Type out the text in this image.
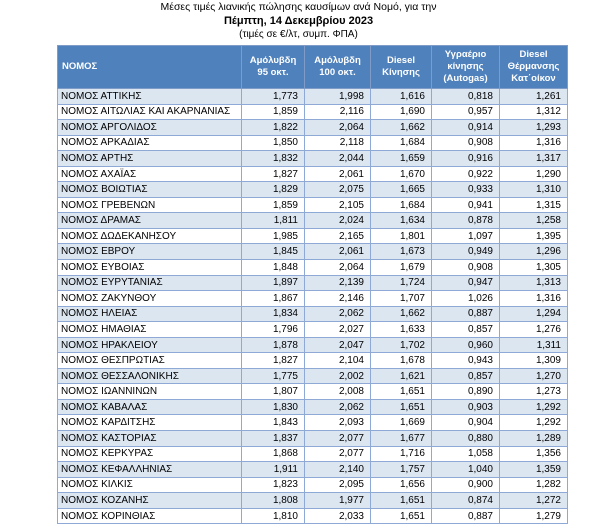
Μέσες τιμές λιανικής πώλησης καυσίμων ανά Νομό, για την
Πέμπτη, 14 Δεκεμβρίου 2023
(τιμές σε €/λτ, συμπ. ΦΠΑ)
ΝΟΜΟΣ	Αμόλυβδη 95 οκτ.	Αμόλυβδη 100 οκτ.	Diesel Κίνησης	Υγραέριο κίνησης (Autogas)	Diesel Θέρμανσης Κατ΄οίκον
ΝΟΜΟΣ ΑΤΤΙΚΗΣ	1,773	1,998	1,616	0,818	1,261
ΝΟΜΟΣ ΑΙΤΩΛΙΑΣ ΚΑΙ ΑΚΑΡΝΑΝΙΑΣ	1,859	2,116	1,690	0,957	1,312
ΝΟΜΟΣ ΑΡΓΟΛΙΔΟΣ	1,822	2,064	1,662	0,914	1,293
ΝΟΜΟΣ ΑΡΚΑΔΙΑΣ	1,850	2,118	1,684	0,908	1,316
ΝΟΜΟΣ ΑΡΤΗΣ	1,832	2,044	1,659	0,916	1,317
ΝΟΜΟΣ ΑΧΑΪΑΣ	1,827	2,061	1,670	0,922	1,290
ΝΟΜΟΣ ΒΟΙΩΤΙΑΣ	1,829	2,075	1,665	0,933	1,310
ΝΟΜΟΣ ΓΡΕΒΕΝΩΝ	1,859	2,105	1,684	0,941	1,315
ΝΟΜΟΣ ΔΡΑΜΑΣ	1,811	2,024	1,634	0,878	1,258
ΝΟΜΟΣ ΔΩΔΕΚΑΝΗΣΟΥ	1,985	2,165	1,801	1,097	1,395
ΝΟΜΟΣ ΕΒΡΟΥ	1,845	2,061	1,673	0,949	1,296
ΝΟΜΟΣ ΕΥΒΟΙΑΣ	1,848	2,064	1,679	0,908	1,305
ΝΟΜΟΣ ΕΥΡΥΤΑΝΙΑΣ	1,897	2,139	1,724	0,947	1,313
ΝΟΜΟΣ ΖΑΚΥΝΘΟΥ	1,867	2,146	1,707	1,026	1,316
ΝΟΜΟΣ ΗΛΕΙΑΣ	1,834	2,062	1,662	0,887	1,294
ΝΟΜΟΣ ΗΜΑΘΙΑΣ	1,796	2,027	1,633	0,857	1,276
ΝΟΜΟΣ ΗΡΑΚΛΕΙΟΥ	1,878	2,047	1,702	0,960	1,311
ΝΟΜΟΣ ΘΕΣΠΡΩΤΙΑΣ	1,827	2,104	1,678	0,943	1,309
ΝΟΜΟΣ ΘΕΣΣΑΛΟΝΙΚΗΣ	1,775	2,002	1,621	0,857	1,270
ΝΟΜΟΣ ΙΩΑΝΝΙΝΩΝ	1,807	2,008	1,651	0,890	1,273
ΝΟΜΟΣ ΚΑΒΑΛΑΣ	1,830	2,062	1,651	0,903	1,292
ΝΟΜΟΣ ΚΑΡΔΙΤΣΗΣ	1,843	2,093	1,669	0,904	1,292
ΝΟΜΟΣ ΚΑΣΤΟΡΙΑΣ	1,837	2,077	1,677	0,880	1,289
ΝΟΜΟΣ ΚΕΡΚΥΡΑΣ	1,868	2,077	1,716	1,058	1,356
ΝΟΜΟΣ ΚΕΦΑΛΛΗΝΙΑΣ	1,911	2,140	1,757	1,040	1,359
ΝΟΜΟΣ ΚΙΛΚΙΣ	1,823	2,095	1,656	0,900	1,282
ΝΟΜΟΣ ΚΟΖΑΝΗΣ	1,808	1,977	1,651	0,874	1,272
ΝΟΜΟΣ ΚΟΡΙΝΘΙΑΣ	1,810	2,033	1,651	0,887	1,279
